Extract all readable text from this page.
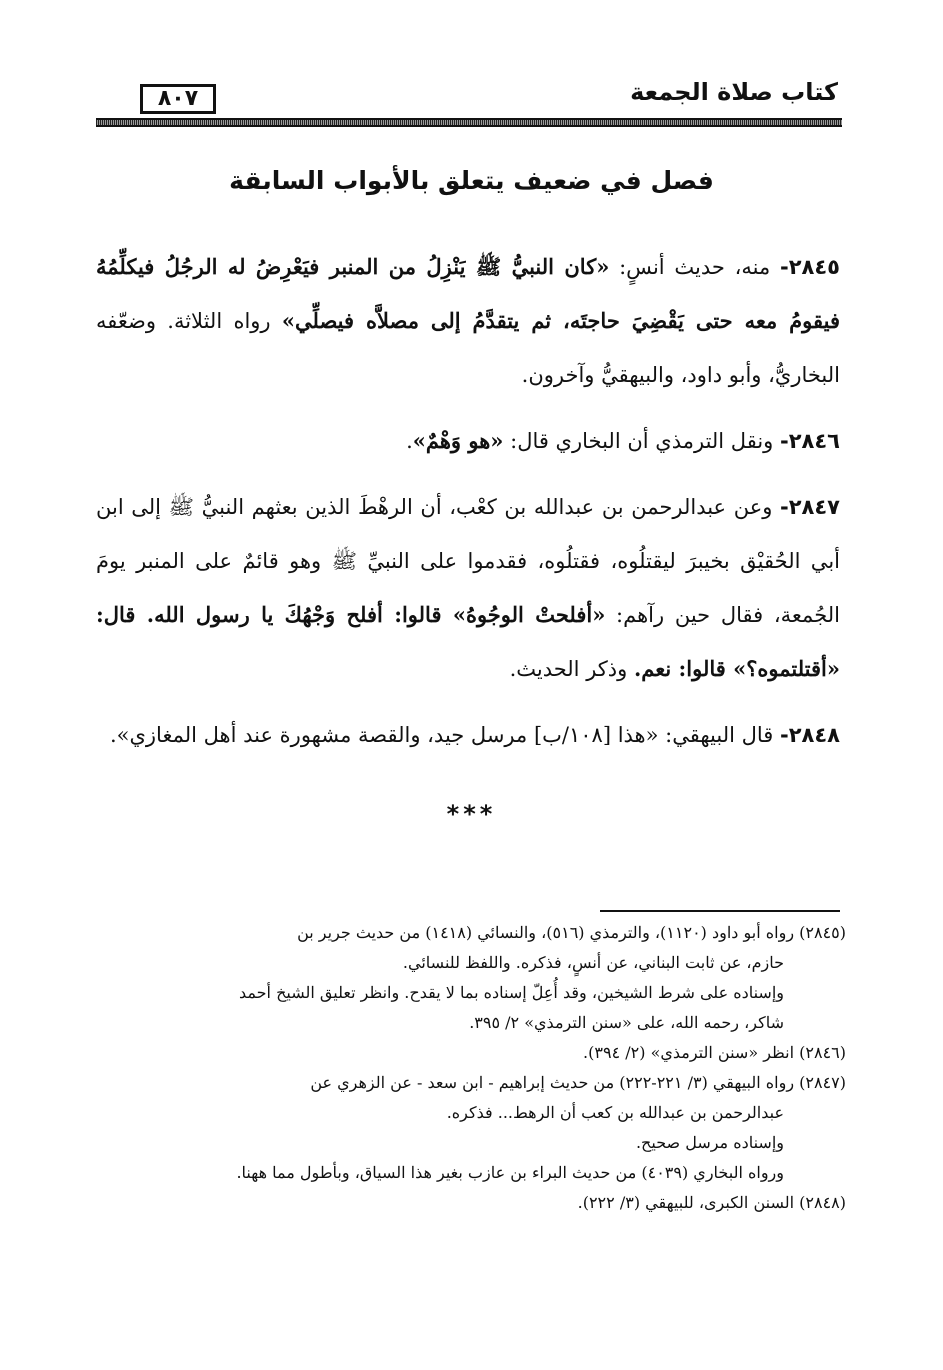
كتاب صلاة الجمعة
٨٠٧
فصل في ضعيف يتعلق بالأبواب السابقة

٢٨٤٥- منه، حديث أنسٍ: «كان النبيُّ ﷺ يَنْزِلُ من المنبر فيَعْرِضُ له الرجُلُ فيكلِّمُهُ فيقومُ معه حتى يَقْضِيَ حاجتَه، ثم يتقدَّمُ إلى مصلاَّه فيصلِّي» رواه الثلاثة. وضعّفه البخاريُّ، وأبو داود، والبيهقيُّ وآخرون.

٢٨٤٦- ونقل الترمذي أن البخاري قال: «هو وَهْمٌ».

٢٨٤٧- وعن عبدالرحمن بن عبدالله بن كعْب، أن الرهْطَ الذين بعثهم النبيُّ ﷺ إلى ابن أبي الحُقيْق بخيبرَ ليقتلُوه، فقتلُوه، فقدموا على النبيِّ ﷺ وهو قائمٌ على المنبر يومَ الجُمعة، فقال حين رآهم: «أفلحتْ الوجُوهُ» قالوا: أفلح وَجْهُكَ يا رسول الله. قال: «أقتلتموه؟» قالوا: نعم. وذكر الحديث.

٢٨٤٨- قال البيهقي: «هذا [١٠٨/ب] مرسل جيد، والقصة مشهورة عند أهل المغازي».

***

(٢٨٤٥) رواه أبو داود (١١٢٠)، والترمذي (٥١٦)، والنسائي (١٤١٨) من حديث جرير بن

حازم، عن ثابت البناني، عن أنسٍ، فذكره. واللفظ للنسائي.

وإسناده على شرط الشيخين، وقد أُعِلّ إسناده بما لا يقدح. وانظر تعليق الشيخ أحمد

شاكر، رحمه الله، على «سنن الترمذي» ٢/ ٣٩٥.

(٢٨٤٦) انظر «سنن الترمذي» (٢/ ٣٩٤).

(٢٨٤٧) رواه البيهقي (٣/ ٢٢١-٢٢٢) من حديث إبراهيم - ابن سعد - عن الزهري عن

عبدالرحمن بن عبدالله بن كعب أن الرهط... فذكره.

وإسناده مرسل صحيح.

ورواه البخاري (٤٠٣٩) من حديث البراء بن عازب بغير هذا السياق، وبأطول مما ههنا.

(٢٨٤٨) السنن الكبرى، للبيهقي (٣/ ٢٢٢).
